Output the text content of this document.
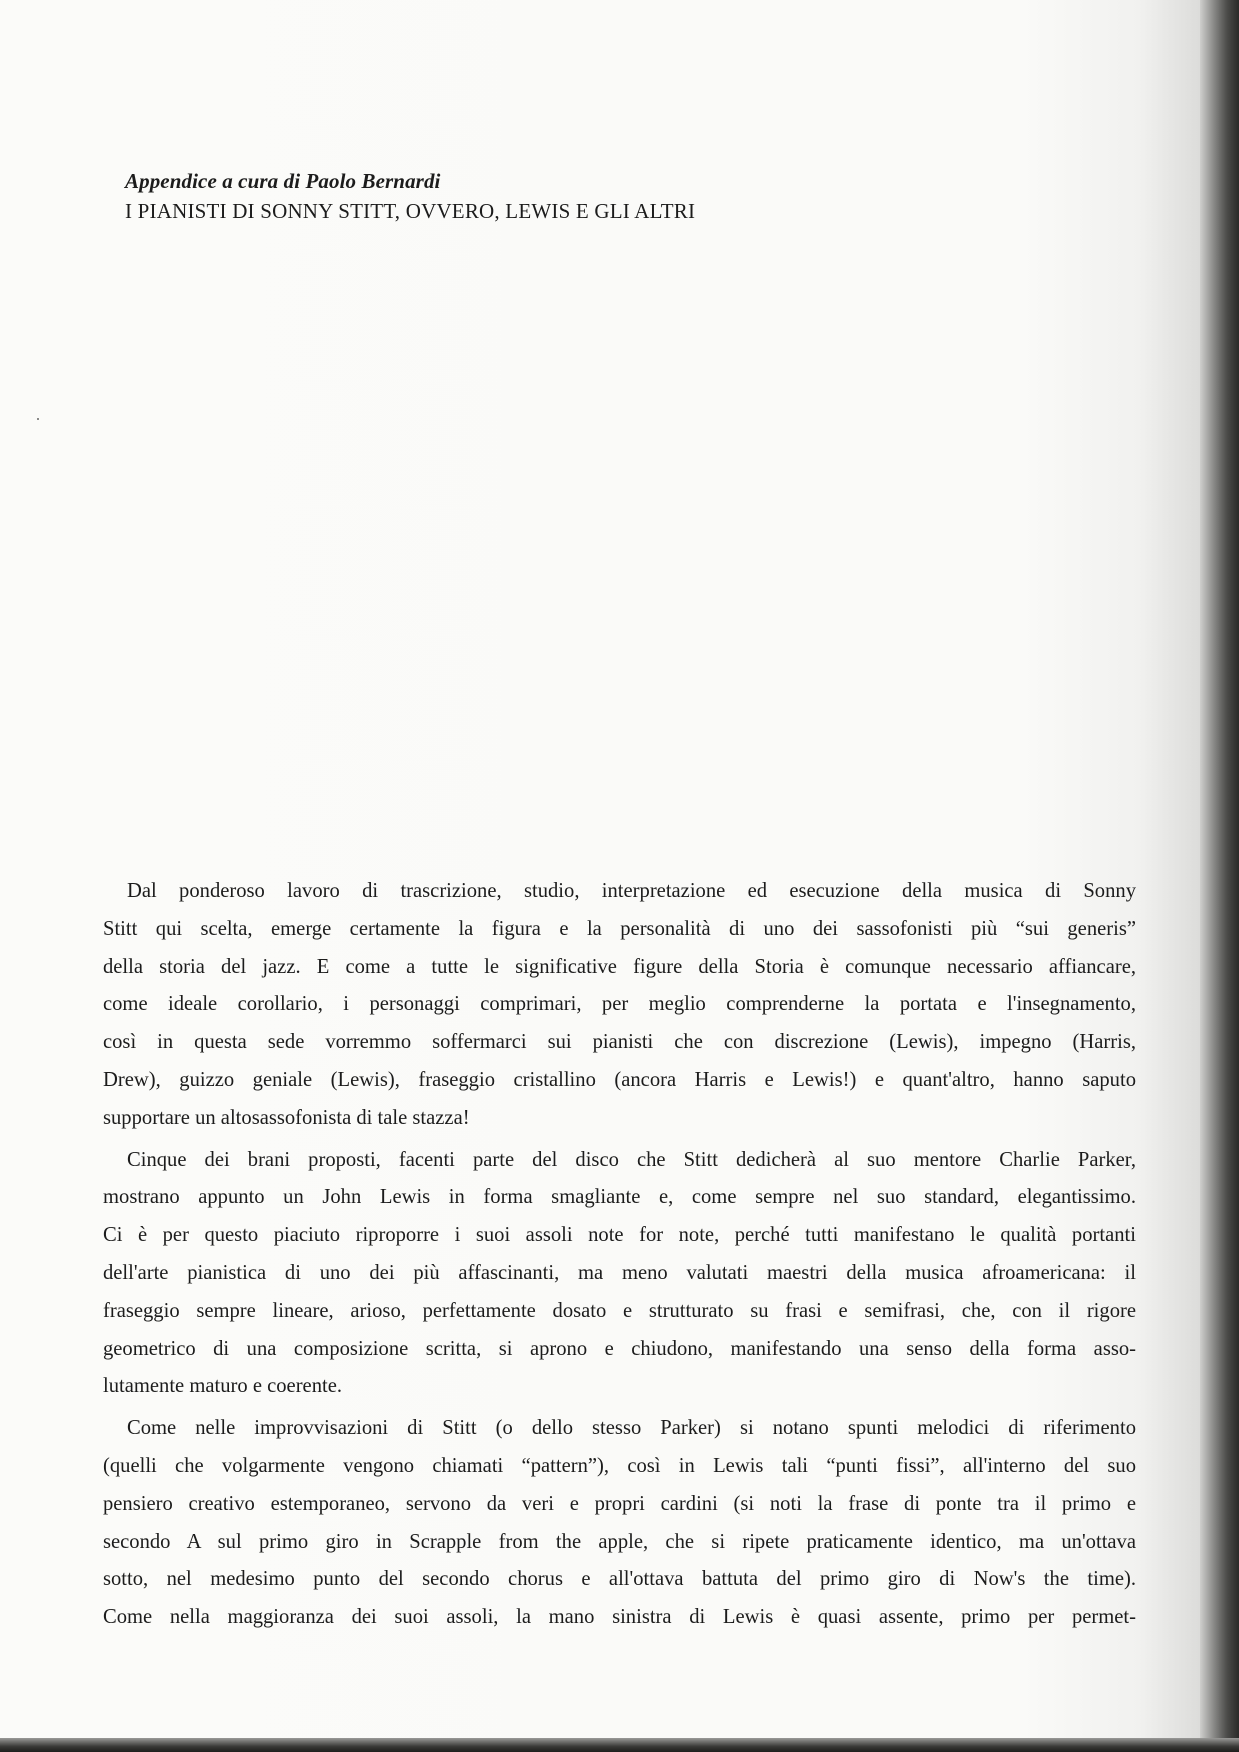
Appendice a cura di Paolo Bernardi
I PIANISTI DI SONNY STITT, OVVERO, LEWIS E GLI ALTRI

Dal ponderoso lavoro di trascrizione, studio, interpretazione ed esecuzione della musica di Sonny
Stitt qui scelta, emerge certamente la figura e la personalità di uno dei sassofonisti più “sui generis”
della storia del jazz. E come a tutte le significative figure della Storia è comunque necessario affiancare,
come ideale corollario, i personaggi comprimari, per meglio comprenderne la portata e l'insegnamento,
così in questa sede vorremmo soffermarci sui pianisti che con discrezione (Lewis), impegno (Harris,
Drew), guizzo geniale (Lewis), fraseggio cristallino (ancora Harris e Lewis!) e quant'altro, hanno saputo
supportare un altosassofonista di tale stazza!

Cinque dei brani proposti, facenti parte del disco che Stitt dedicherà al suo mentore Charlie Parker,
mostrano appunto un John Lewis in forma smagliante e, come sempre nel suo standard, elegantissimo.
Ci è per questo piaciuto riproporre i suoi assoli note for note, perché tutti manifestano le qualità portanti
dell'arte pianistica di uno dei più affascinanti, ma meno valutati maestri della musica afroamericana: il
fraseggio sempre lineare, arioso, perfettamente dosato e strutturato su frasi e semifrasi, che, con il rigore
geometrico di una composizione scritta, si aprono e chiudono, manifestando una senso della forma asso-
lutamente maturo e coerente.

Come nelle improvvisazioni di Stitt (o dello stesso Parker) si notano spunti melodici di riferimento
(quelli che volgarmente vengono chiamati “pattern”), così in Lewis tali “punti fissi”, all'interno del suo
pensiero creativo estemporaneo, servono da veri e propri cardini (si noti la frase di ponte tra il primo e
secondo A sul primo giro in Scrapple from the apple, che si ripete praticamente identico, ma un'ottava
sotto, nel medesimo punto del secondo chorus e all'ottava battuta del primo giro di Now's the time).
Come nella maggioranza dei suoi assoli, la mano sinistra di Lewis è quasi assente, primo per permet-
